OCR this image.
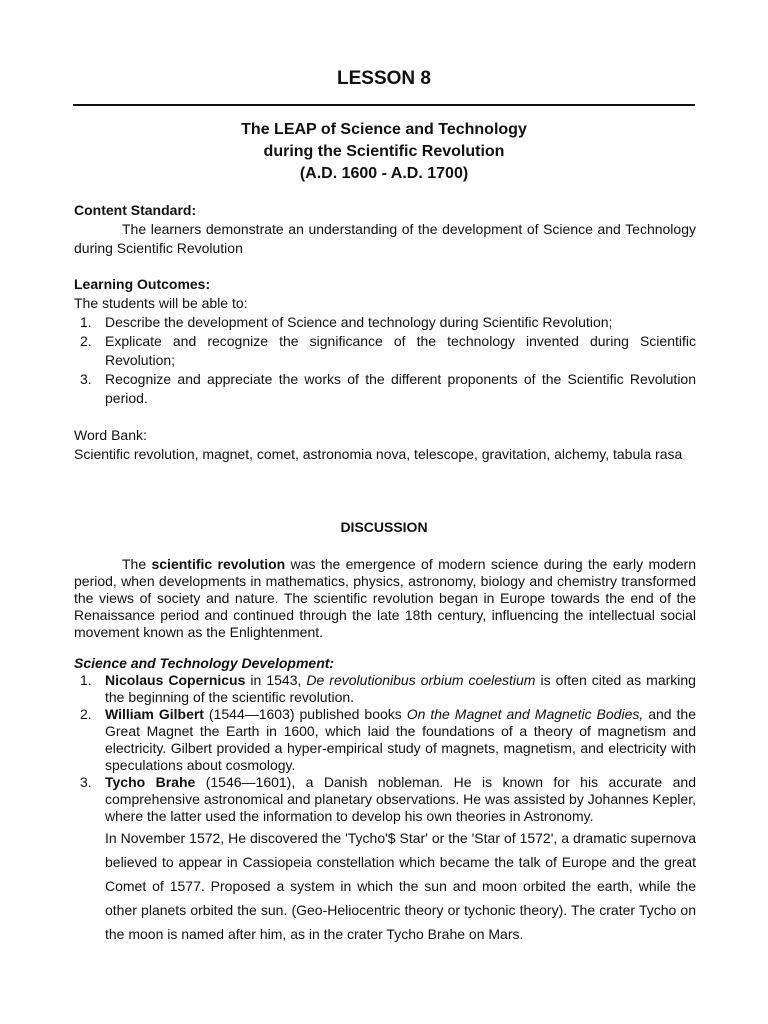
LESSON 8
The LEAP of Science and Technology
during the Scientific Revolution
(A.D. 1600 - A.D. 1700)
Content Standard:
The learners demonstrate an understanding of the development of Science and Technology during Scientific Revolution
Learning Outcomes:
The students will be able to:
1. Describe the development of Science and technology during Scientific Revolution;
2. Explicate and recognize the significance of the technology invented during Scientific Revolution;
3. Recognize and appreciate the works of the different proponents of the Scientific Revolution period.
Word Bank:
Scientific revolution, magnet, comet, astronomia nova, telescope, gravitation, alchemy, tabula rasa
DISCUSSION
The scientific revolution was the emergence of modern science during the early modern period, when developments in mathematics, physics, astronomy, biology and chemistry transformed the views of society and nature. The scientific revolution began in Europe towards the end of the Renaissance period and continued through the late 18th century, influencing the intellectual social movement known as the Enlightenment.
Science and Technology Development:
1. Nicolaus Copernicus in 1543, De revolutionibus orbium coelestium is often cited as marking the beginning of the scientific revolution.
2. William Gilbert (1544—1603) published books On the Magnet and Magnetic Bodies, and the Great Magnet the Earth in 1600, which laid the foundations of a theory of magnetism and electricity. Gilbert provided a hyper-empirical study of magnets, magnetism, and electricity with speculations about cosmology.
3. Tycho Brahe (1546—1601), a Danish nobleman. He is known for his accurate and comprehensive astronomical and planetary observations. He was assisted by Johannes Kepler, where the latter used the information to develop his own theories in Astronomy.
In November 1572, He discovered the 'Tycho'$ Star' or the 'Star of 1572', a dramatic supernova believed to appear in Cassiopeia constellation which became the talk of Europe and the great Comet of 1577. Proposed a system in which the sun and moon orbited the earth, while the other planets orbited the sun. (Geo-Heliocentric theory or tychonic theory). The crater Tycho on the moon is named after him, as in the crater Tycho Brahe on Mars.
